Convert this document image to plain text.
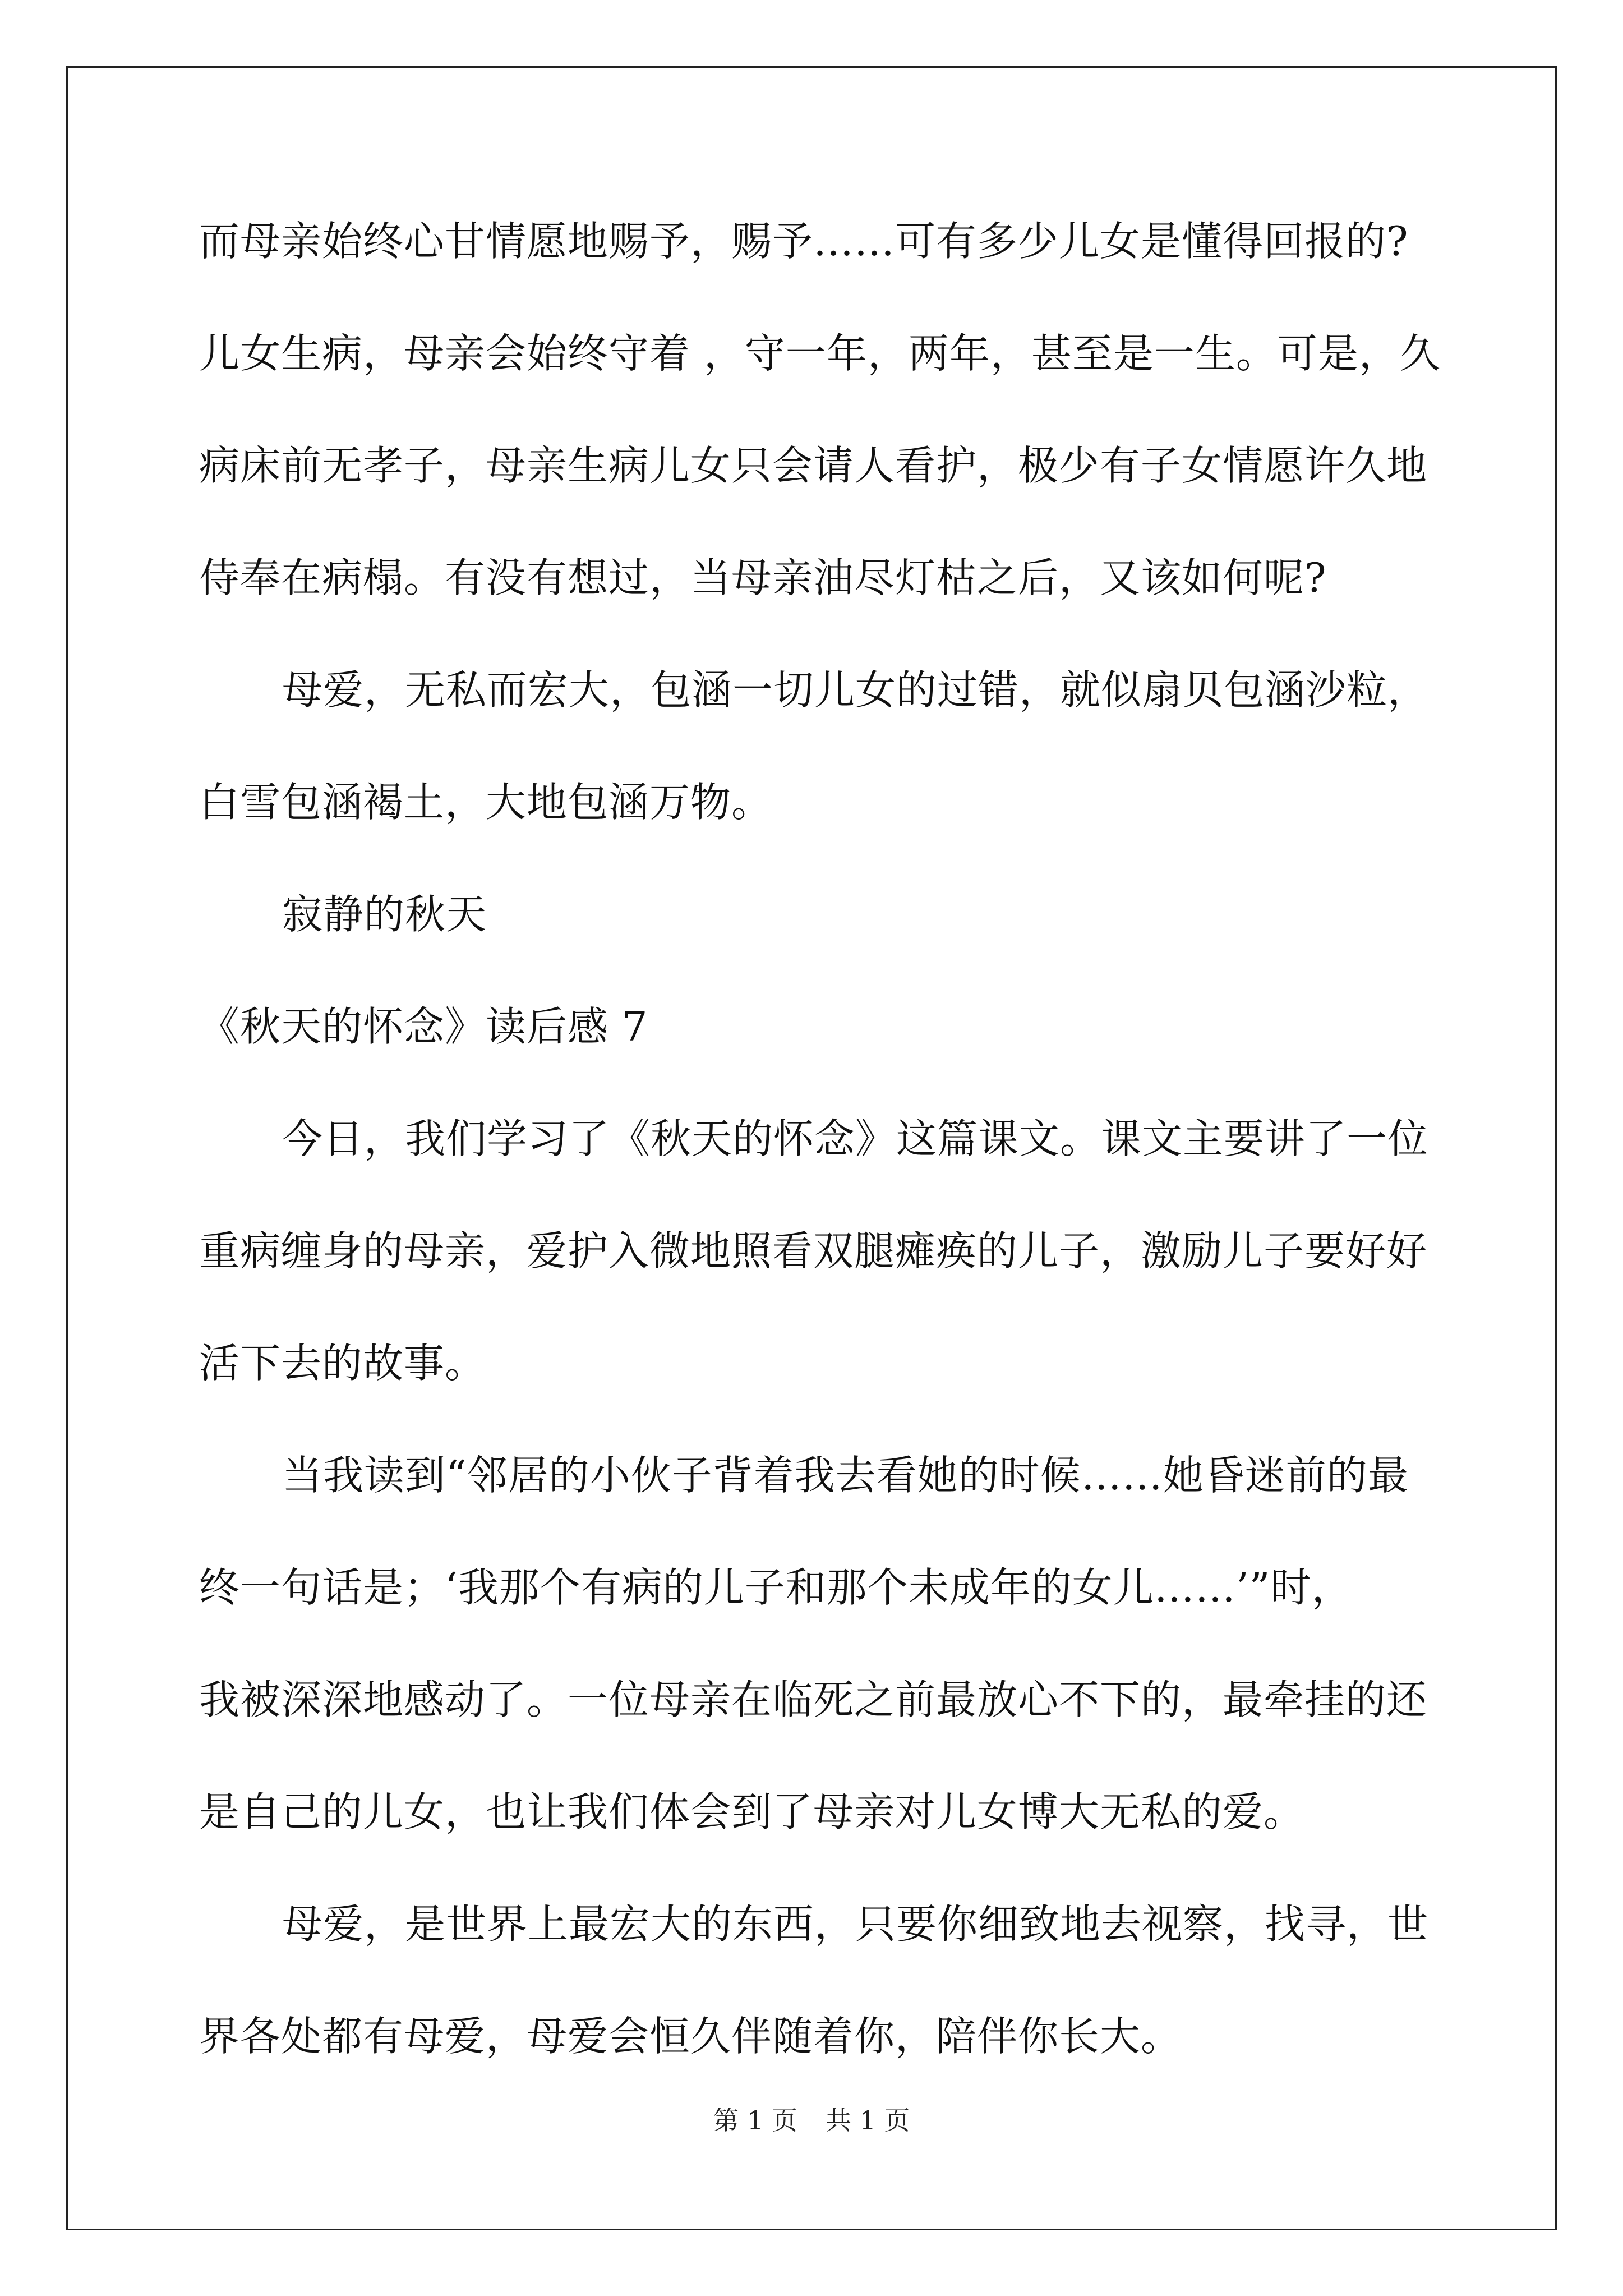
而母亲始终心甘情愿地赐予，赐予……可有多少儿女是懂得回报的?
儿女生病，母亲会始终守着 ，守一年，两年，甚至是一生。可是，久
病床前无孝子，母亲生病儿女只会请人看护，极少有子女情愿许久地
侍奉在病榻。有没有想过，当母亲油尽灯枯之后，又该如何呢?
母爱，无私而宏大，包涵一切儿女的过错，就似扇贝包涵沙粒，
白雪包涵褐土，大地包涵万物。
寂静的秋天
《秋天的怀念》读后感 7
今日，我们学习了《秋天的怀念》这篇课文。课文主要讲了一位
重病缠身的母亲，爱护入微地照看双腿瘫痪的儿子，激励儿子要好好
活下去的故事。
当我读到“邻居的小伙子背着我去看她的时候……她昏迷前的最
终一句话是；‘我那个有病的儿子和那个未成年的女儿……’”时，
我被深深地感动了。一位母亲在临死之前最放心不下的，最牵挂的还
是自己的儿女，也让我们体会到了母亲对儿女博大无私的爱。
母爱，是世界上最宏大的东西，只要你细致地去视察，找寻，世
界各处都有母爱，母爱会恒久伴随着你，陪伴你长大。
第 1 页 共 1 页
